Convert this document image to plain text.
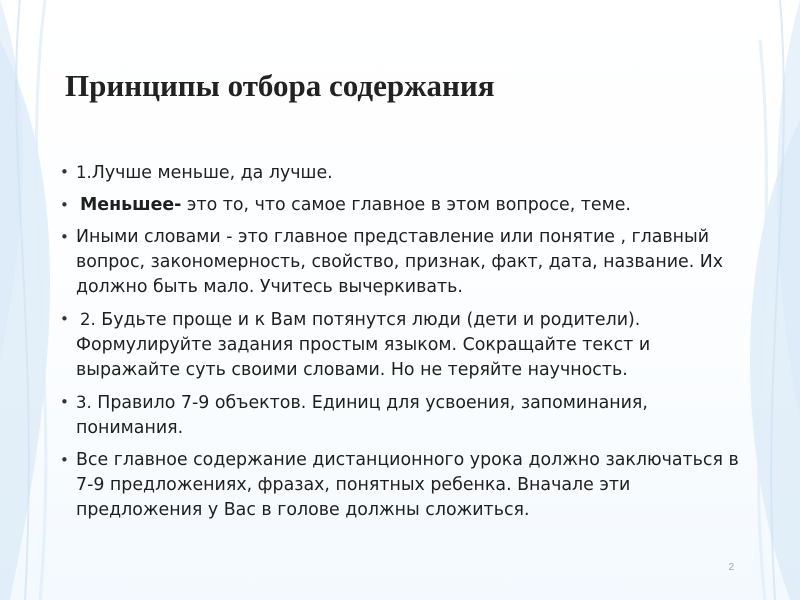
Принципы отбора содержания
• 1.Лучше меньше, да лучше.
• Меньшее- это то, что самое главное в этом вопросе, теме.
• Иными словами - это главное представление или понятие , главный вопрос, закономерность, свойство, признак, факт, дата, название. Их должно быть мало. Учитесь вычеркивать.
• 2. Будьте проще и к Вам потянутся люди (дети и родители). Формулируйте задания простым языком. Сокращайте текст и выражайте суть своими словами. Но не теряйте научность.
• 3. Правило 7-9 объектов. Единиц для усвоения, запоминания, понимания.
• Все главное содержание дистанционного урока должно заключаться в 7-9 предложениях, фразах, понятных ребенка. Вначале эти предложения у Вас в голове должны сложиться.
2
